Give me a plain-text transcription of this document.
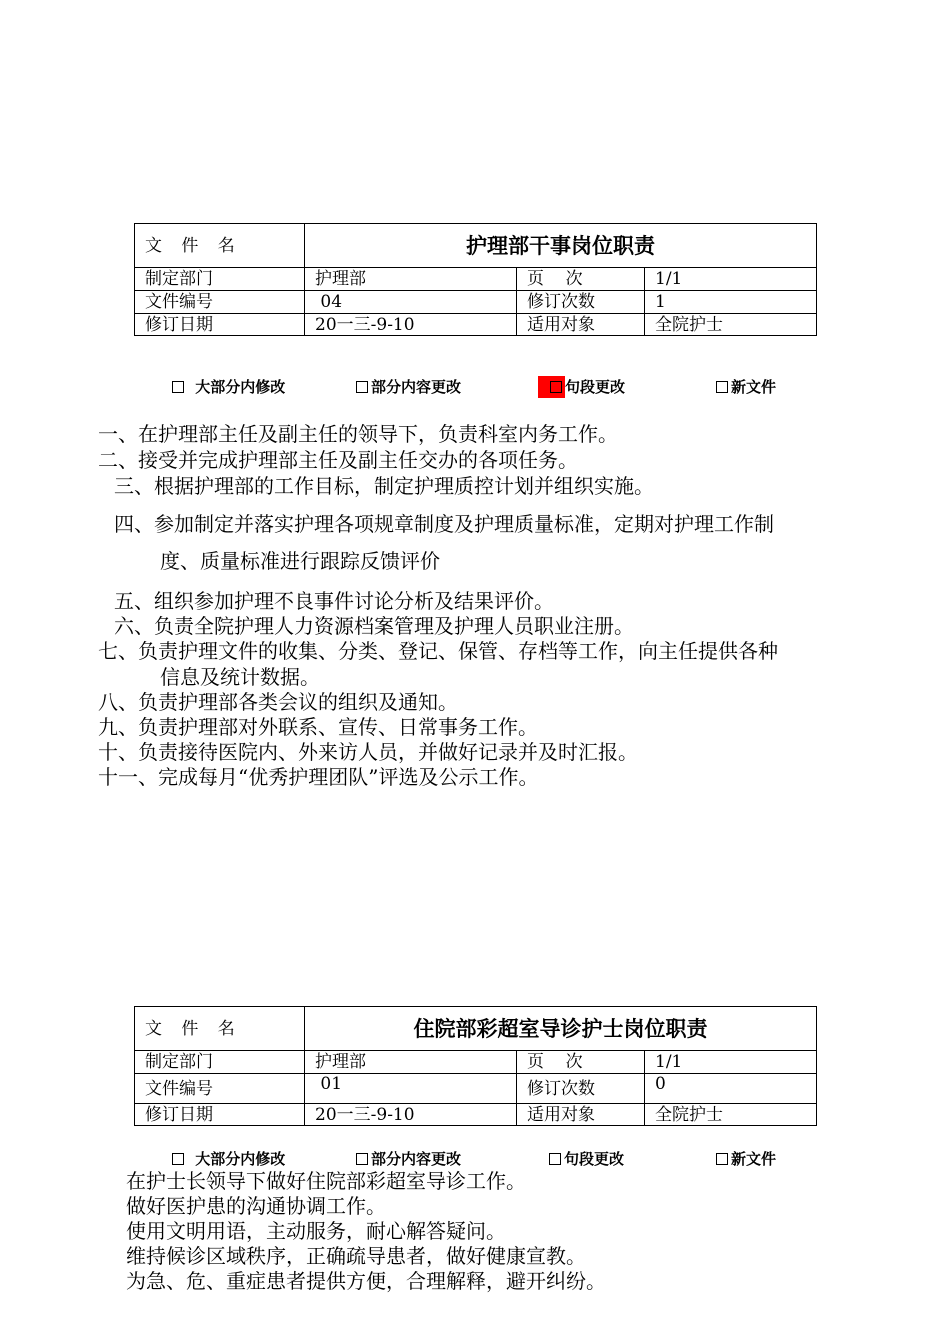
文 件 名	护理部干事岗位职责		
制定部门	护理部	页    次	1/1
文件编号	04	修订次数	1
修订日期	20一三-9-10	适用对象	全院护士
大部分内修改	部分内容更改	句段更改	新文件
一、在护理部主任及副主任的领导下，负责科室内务工作。
二、接受并完成护理部主任及副主任交办的各项任务。
三、根据护理部的工作目标，制定护理质控计划并组织实施。
四、参加制定并落实护理各项规章制度及护理质量标准，定期对护理工作制
度、质量标准进行跟踪反馈评价
五、组织参加护理不良事件讨论分析及结果评价。
六、负责全院护理人力资源档案管理及护理人员职业注册。
七、负责护理文件的收集、分类、登记、保管、存档等工作，向主任提供各种
信息及统计数据。
八、负责护理部各类会议的组织及通知。
九、负责护理部对外联系、宣传、日常事务工作。
十、负责接待医院内、外来访人员，并做好记录并及时汇报。
十一、完成每月“优秀护理团队”评选及公示工作。
文 件 名	住院部彩超室导诊护士岗位职责		
制定部门	护理部	页    次	1/1
文件编号	01	修订次数	0
修订日期	20一三-9-10	适用对象	全院护士
大部分内修改	部分内容更改	句段更改	新文件
在护士长领导下做好住院部彩超室导诊工作。
做好医护患的沟通协调工作。
使用文明用语，主动服务，耐心解答疑问。
维持候诊区域秩序，正确疏导患者，做好健康宣教。
为急、危、重症患者提供方便，合理解释，避开纠纷。
